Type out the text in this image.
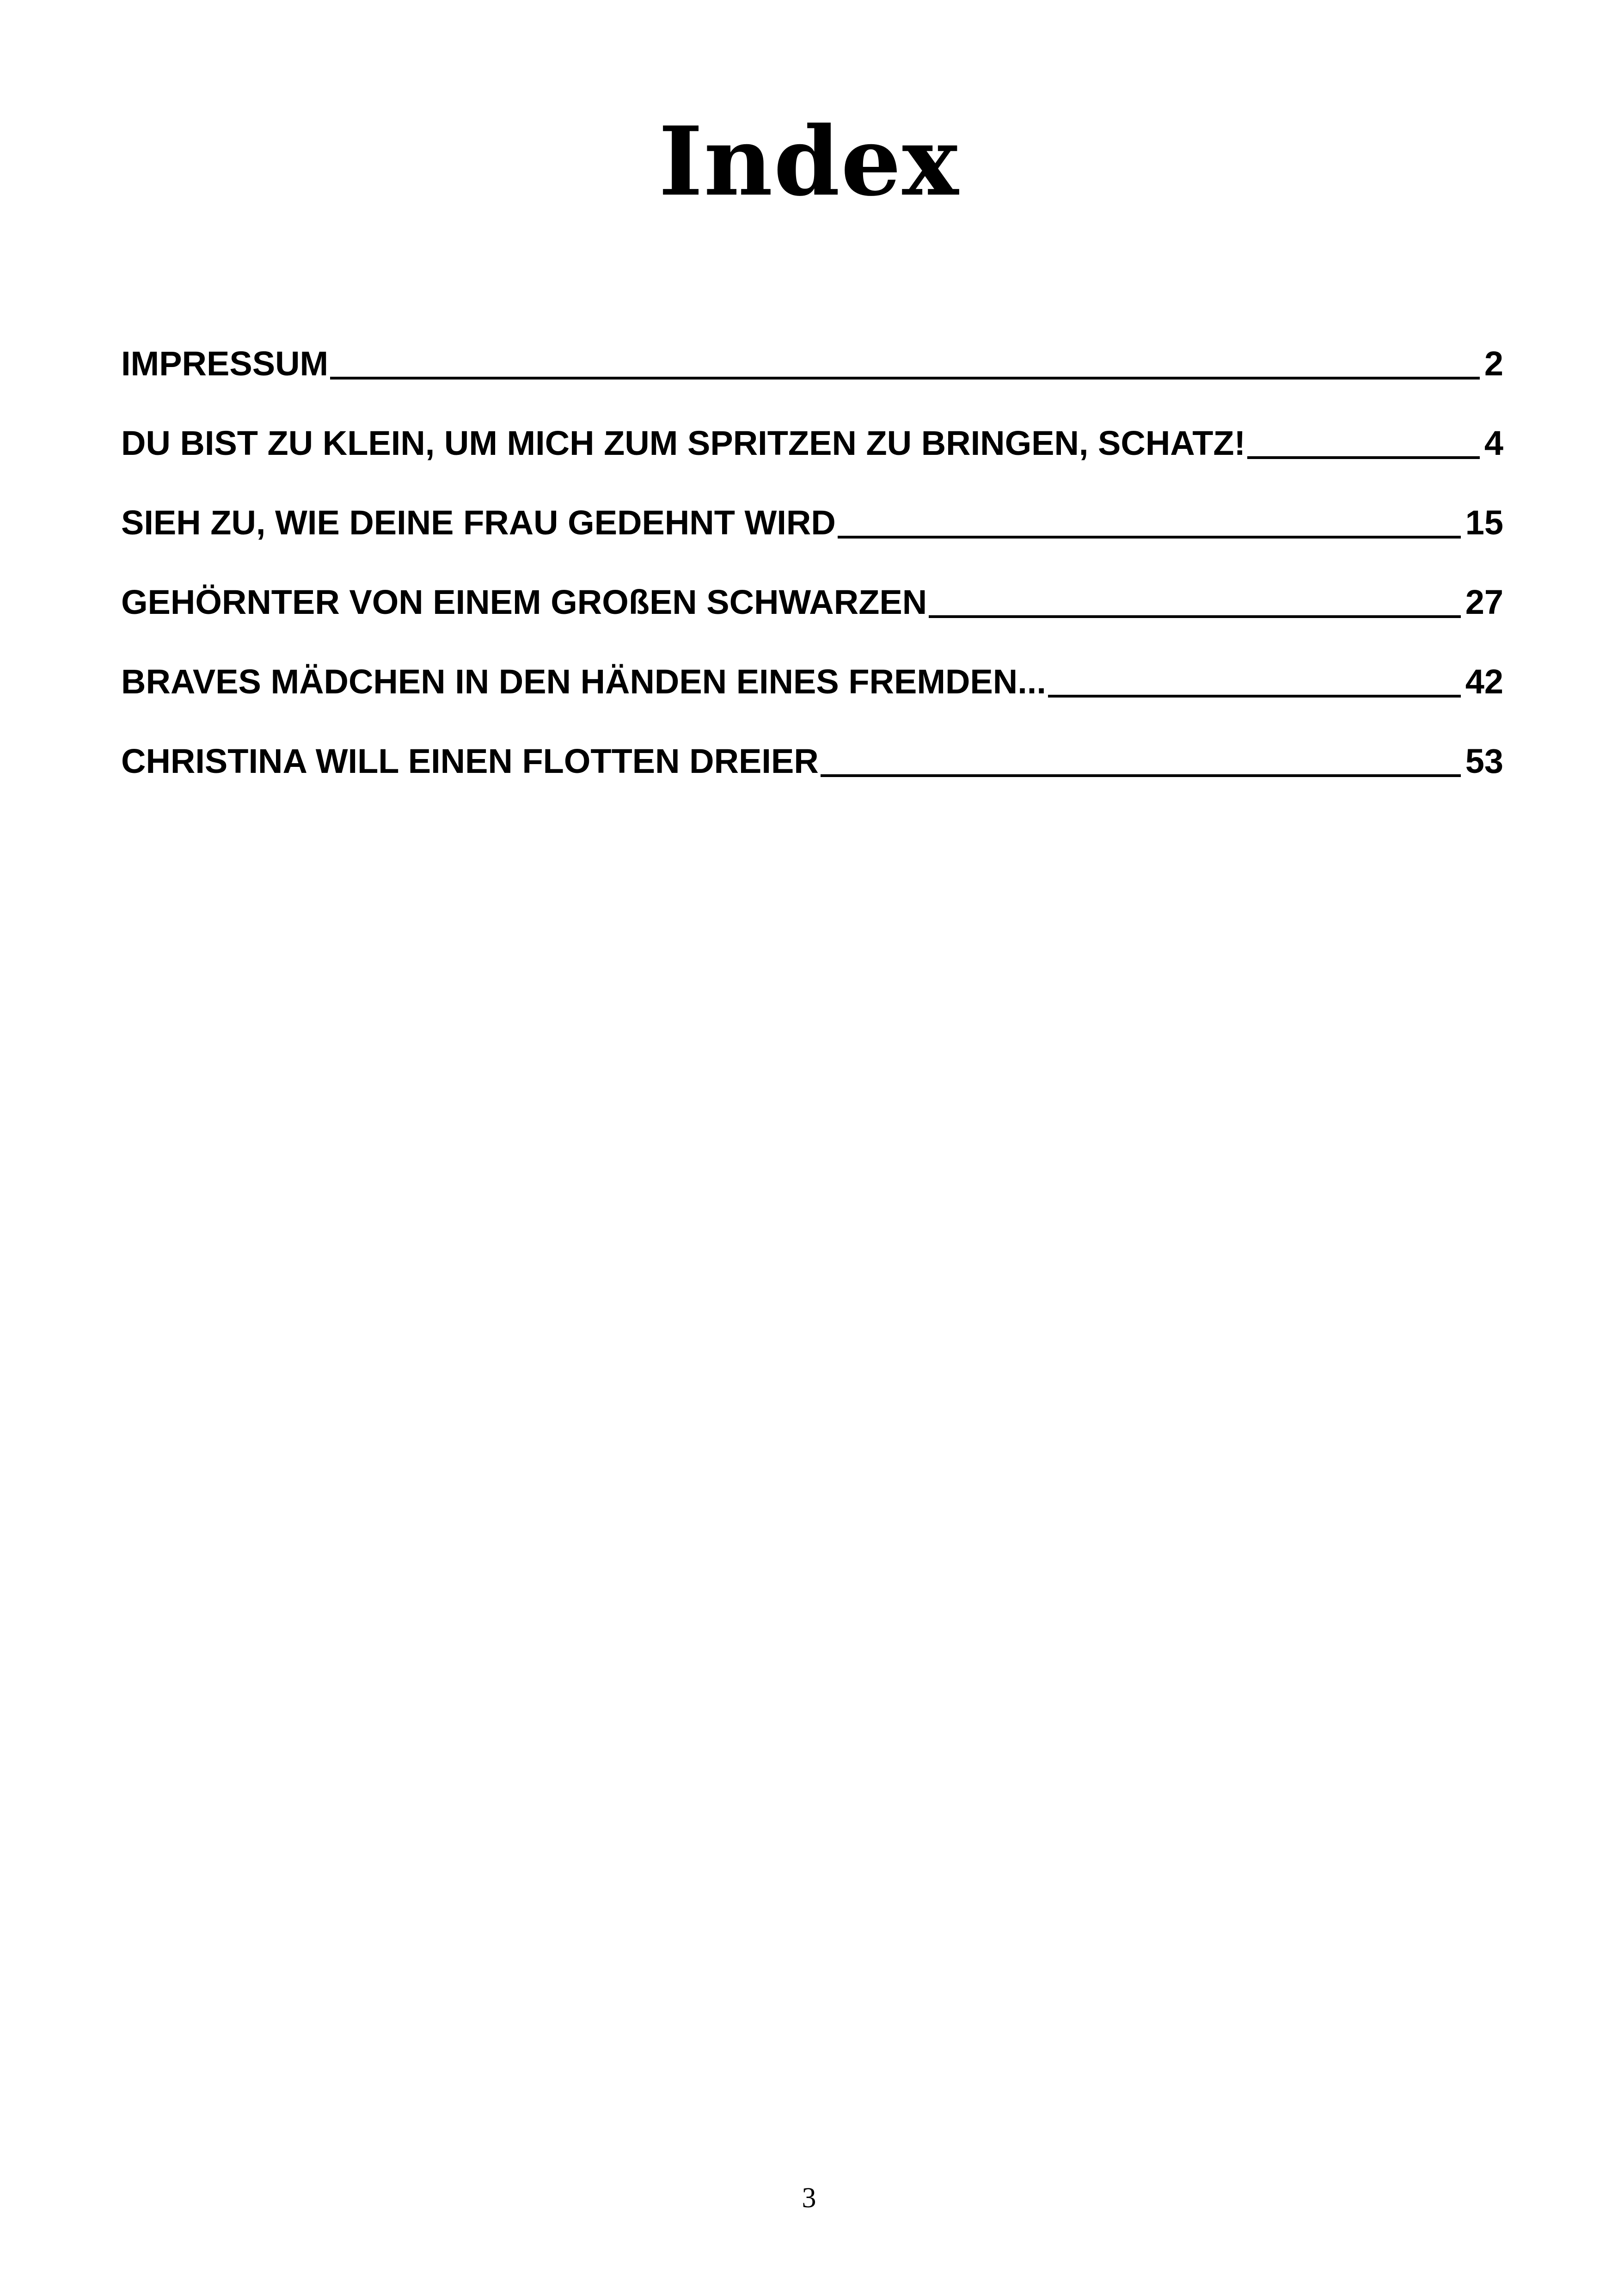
Index
IMPRESSUM	2
DU BIST ZU KLEIN, UM MICH ZUM SPRITZEN ZU BRINGEN, SCHATZ!	4
SIEH ZU, WIE DEINE FRAU GEDEHNT WIRD	15
GEHÖRNTER VON EINEM GROßEN SCHWARZEN	27
BRAVES MÄDCHEN IN DEN HÄNDEN EINES FREMDEN...	42
CHRISTINA WILL EINEN FLOTTEN DREIER	53
3
